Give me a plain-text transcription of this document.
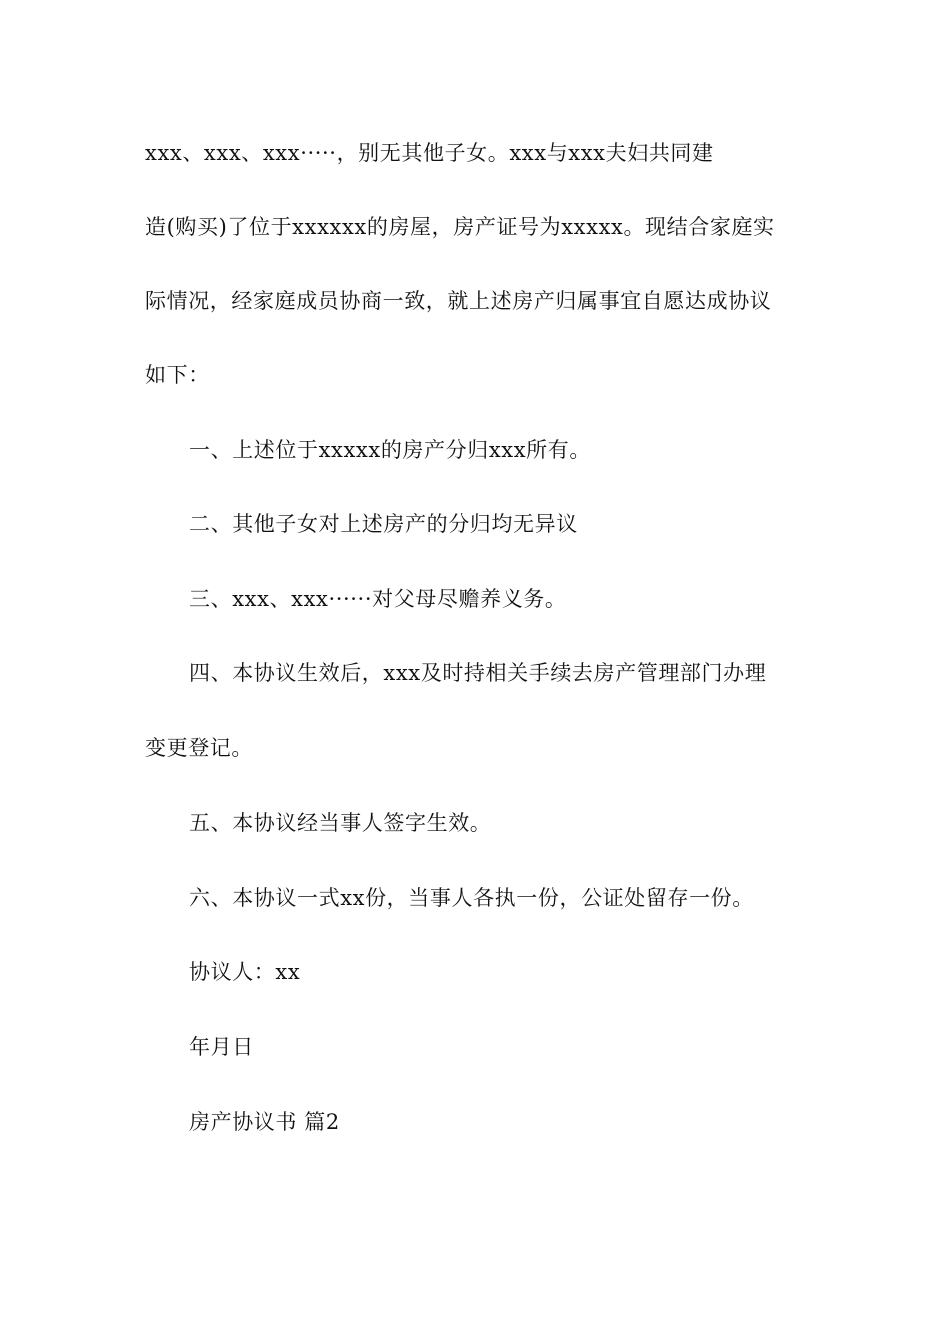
xxx、xxx、xxx·····，别无其他子女。xxx与xxx夫妇共同建

造(购买)了位于xxxxxx的房屋，房产证号为xxxxx。现结合家庭实

际情况，经家庭成员协商一致，就上述房产归属事宜自愿达成协议

如下：

一、上述位于xxxxx的房产分归xxx所有。

二、其他子女对上述房产的分归均无异议

三、xxx、xxx······对父母尽赡养义务。

四、本协议生效后，xxx及时持相关手续去房产管理部门办理

变更登记。

五、本协议经当事人签字生效。

六、本协议一式xx份，当事人各执一份，公证处留存一份。

协议人：xx

年月日

房产协议书 篇2
